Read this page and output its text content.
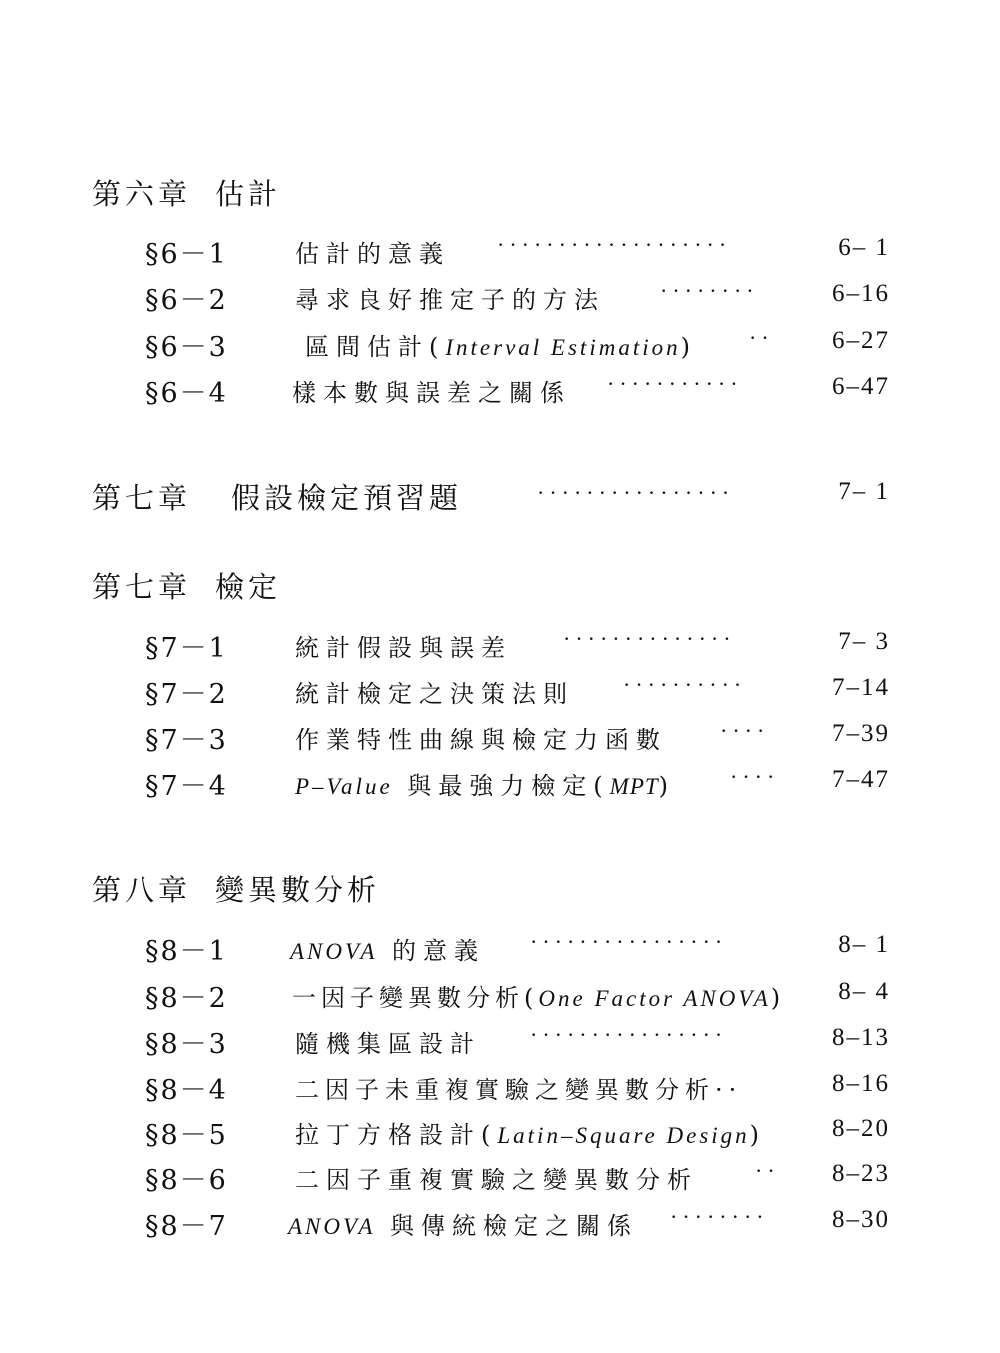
第六章 估計
§6－1	估計的意義 ···················	6– 1
§6－2	尋求良好推定子的方法	········	6–16
§6－3	區間估計(Interval Estimation) ·· 6–27
§6－4	樣本數與誤差之關係 ···········	6–47
第七章 假設檢定預習題	················	7– 1
第七章 檢定
§7－1	統計假設與誤差 ··············	7– 3
§7－2	統計檢定之決策法則 ··········	7–14
§7－3	作業特性曲線與檢定力函數 ····	7–39
§7－4	P–Value 與最強力檢定(MPT) ···· 7–47
第八章 變異數分析
§8－1	ANOVA 的意義 ················	8– 1
§8－2	一因子變異數分析(One Factor ANOVA) 8– 4
§8－3	隨機集區設計 ················	8–13
§8－4	二因子未重複實驗之變異數分析··	8–16
§8－5	拉丁方格設計(Latin–Square Design)	8–20
§8－6	二因子重複實驗之變異數分析	·· 8–23
§8－7	ANOVA 與傳統檢定之關係 ········	8–30
